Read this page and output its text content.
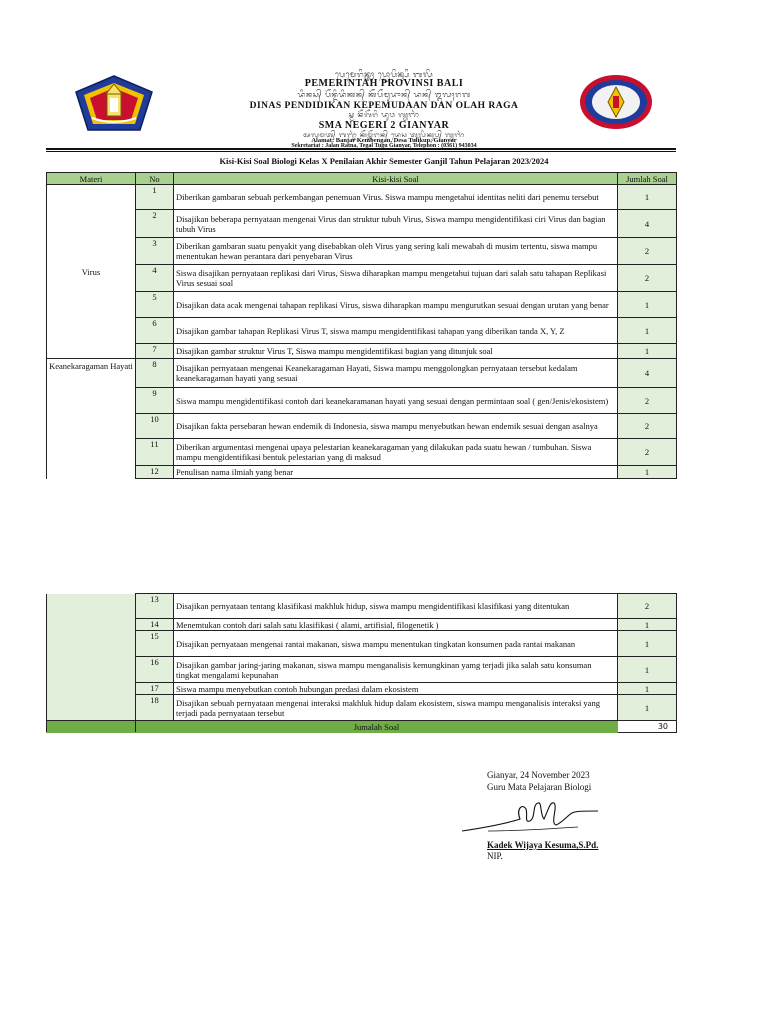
ᬧᬾᬫᬾᬭᬶᬦ᭄ᬢᬄ ᬧ᭄ᬭᭀᬧᬶᬦ᭄ᬲᬶ ᬩᬮᬶ
PEMERINTAH PROVINSI BALI
ᬤᬶᬦᬲ᭄ ᬧᭂᬦ᭄ᬤᬶᬤᬶᬓᬦ᭄ ᬓᭂᬧᭂᬫᬸᬤᬵᬦ᭄ ᬤᬦ᭄ ᬑᬮᬄᬭᬕ
DINAS PENDIDIKAN KEPEMUDAAN DAN OLAH RAGA
ᬲ᭄ᬫ ᬦᭂᬕᭂᬭᬶ ᬤᬸᬯ ᬕ᭄ᬬᬜᬃ
SMA NEGERI 2 GIANYAR
ᬅᬮᬫᬢ᭄ ᬩᬜ᭄ᬚᬃ ᬓᭂᬫ᭄ᬩᭂᬗᬦ᭄ ᬤᬾᬲ ᬢᬸᬮᬶᬓᬸᬧ᭄ ᬕ᭄ᬬᬜᬃ
Alamat: Banjar Kembengan, Desa Tulikup, Gianyar
Sekretariat : Jalan Ratna, Tegal Tugu Gianyar, Telephon : (0361) 943034
Kisi-Kisi Soal Biologi Kelas X Penilaian Akhir Semester Ganjil Tahun Pelajaran 2023/2024
Materi	No	Kisi-kisi Soal	Jumlah Soal
Virus	1	Diberikan gambaran sebuah perkembangan penemuan Virus. Siswa mampu mengetahui identitas neliti dari penemu tersebut	1
	2	Disajikan beberapa pernyataan mengenai Virus dan struktur tubuh Virus, Siswa mampu mengidentifikasi ciri Virus dan bagian tubuh Virus	4
	3	Diberikan gambaran suatu penyakit yang disebabkan oleh Virus yang sering kali mewabah di musim tertentu, siswa mampu menentukan hewan perantara dari penyebaran Virus	2
	4	Siswa disajikan pernyataan replikasi dari Virus, Siswa diharapkan mampu mengetahui tujuan dari salah satu tahapan Replikasi Virus sesuai soal	2
	5	Disajikan data acak mengenai tahapan replikasi Virus, siswa diharapkan mampu mengurutkan sesuai dengan urutan yang benar	1
	6	Disajikan gambar tahapan Replikasi Virus T, siswa mampu mengidentifikasi tahapan yang diberikan tanda X, Y, Z	1
	7	Disajikan gambar struktur Virus T, Siswa mampu mengidentifikasi bagian yang ditunjuk soal	1
Keanekaragaman Hayati	8	Disajikan pernyataan mengenai Keanekaragaman Hayati, Siswa mampu menggolongkan pernyataan tersebut kedalam keanekaragaman hayati yang sesuai	4
	9	Siswa mampu mengidentifikasi contoh dari keanekaramanan hayati yang sesuai dengan permintaan soal ( gen/Jenis/ekosistem)	2
	10	Disajikan fakta persebaran hewan endemik di Indonesia, siswa mampu menyebutkan hewan endemik sesuai dengan asalnya	2
	11	Diberikan argumentasi mengenai upaya pelestarian keanekaragaman yang dilakukan pada suatu hewan / tumbuhan. Siswa mampu mengidentifikasi bentuk pelestarian yang di maksud	2
	12	Penulisan nama ilmiah yang benar	1
	13	Disajikan pernyataan tentang klasifikasi makhluk hidup, siswa mampu mengidentifikasi klasifikasi yang ditentukan	2
	14	Menemtukan contoh dari salah satu klasifikasi ( alami, artifisial, filogenetik )	1
	15	Disajikan pernyataan mengenai rantai makanan, siswa mampu menentukan tingkatan konsumen pada rantai makanan	1
	16	Disajikan gambar jaring-jaring makanan, siswa mampu menganalisis kemungkinan yamg terjadi jika salah satu konsuman tingkat mengalami kepunahan	1
	17	Siswa mampu menyebutkan contoh hubungan predasi dalam ekosistem	1
	18	Disajikan sebuah pernyataan mengenai interaksi makhluk hidup dalam ekosistem, siswa mampu menganalisis interaksi yang terjadi pada pernyataan tersebut	1
	Jumalah Soal		30
Gianyar, 24 November 2023
Guru Mata Pelajaran Biologi
Kadek Wijaya Kesuma,S.Pd.
NIP.
